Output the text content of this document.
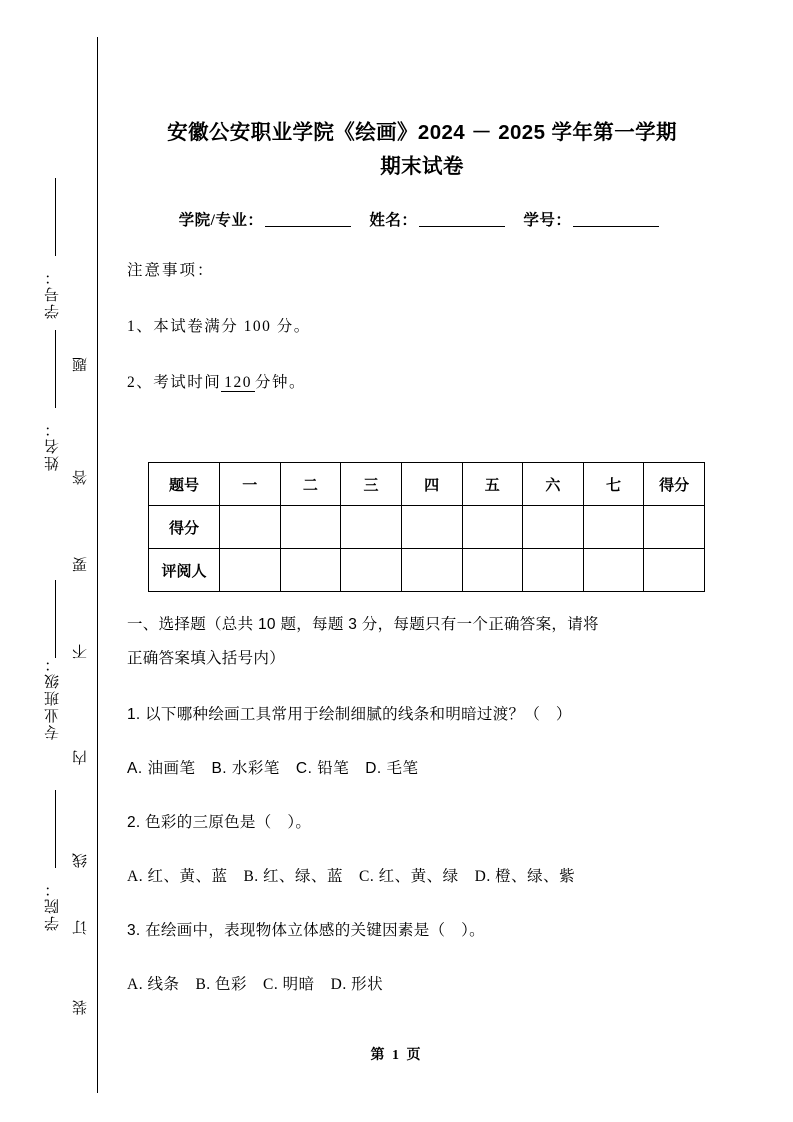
学号：
姓名：
专业班级：
学院：
题
答
要
不
内
线
订
装
安徽公安职业学院《绘画》2024 － 2025 学年第一学期
期末试卷
学院/专业：	姓名：	学号：
注意事项：
1、本试卷满分 100 分。
2、考试时间 120 分钟。
题号	一	二	三	四	五	六	七	得分
得分								
评阅人								
一、选择题（总共 10 题，每题 3 分，每题只有一个正确答案，请将
正确答案填入括号内）
1. 以下哪种绘画工具常用于绘制细腻的线条和明暗过渡？（　）
A. 油画笔　B. 水彩笔　C. 铅笔　D. 毛笔
2. 色彩的三原色是（　）。
A. 红、黄、蓝　B. 红、绿、蓝　C. 红、黄、绿　D. 橙、绿、紫
3. 在绘画中，表现物体立体感的关键因素是（　）。
A. 线条　B. 色彩　C. 明暗　D. 形状
第 1 页
